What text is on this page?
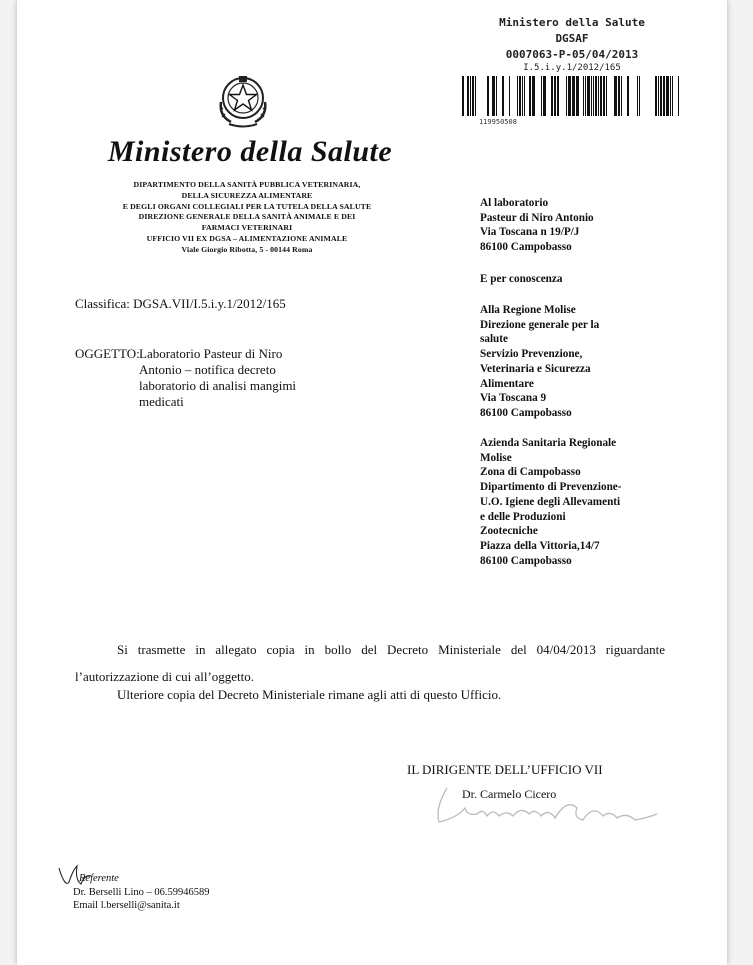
Ministero della Salute
DGSAF
0007063-P-05/04/2013
I.5.i.y.1/2012/165
119950508
Ministero della Salute
DIPARTIMENTO DELLA SANITÀ PUBBLICA VETERINARIA,
DELLA SICUREZZA ALIMENTARE
E DEGLI ORGANI COLLEGIALI PER LA TUTELA DELLA SALUTE
DIREZIONE GENERALE DELLA SANITÀ ANIMALE E DEI
FARMACI VETERINARI
UFFICIO VII EX DGSA – ALIMENTAZIONE ANIMALE
Viale Giorgio Ribotta, 5 - 00144 Roma
Classifica: DGSA.VII/I.5.i.y.1/2012/165
OGGETTO: Laboratorio Pasteur di Niro
Antonio – notifica decreto
laboratorio di analisi mangimi
medicati
Al laboratorio
Pasteur di Niro Antonio
Via Toscana n 19/P/J
86100 Campobasso
E per conoscenza
Alla Regione Molise
Direzione generale per la
salute
Servizio Prevenzione,
Veterinaria e Sicurezza
Alimentare
Via Toscana 9
86100 Campobasso
Azienda Sanitaria Regionale
Molise
Zona di Campobasso
Dipartimento di Prevenzione-
U.O. Igiene degli Allevamenti
e delle Produzioni
Zootecniche
Piazza della Vittoria,14/7
86100 Campobasso
Si trasmette in allegato copia in bollo del Decreto Ministeriale del 04/04/2013 riguardante l’autorizzazione di cui all’oggetto.
Ulteriore copia del Decreto Ministeriale rimane agli atti di questo Ufficio.
IL DIRIGENTE DELL’UFFICIO VII
Dr. Carmelo Cicero
Referente
Dr. Berselli Lino – 06.59946589
Email l.berselli@sanita.it
